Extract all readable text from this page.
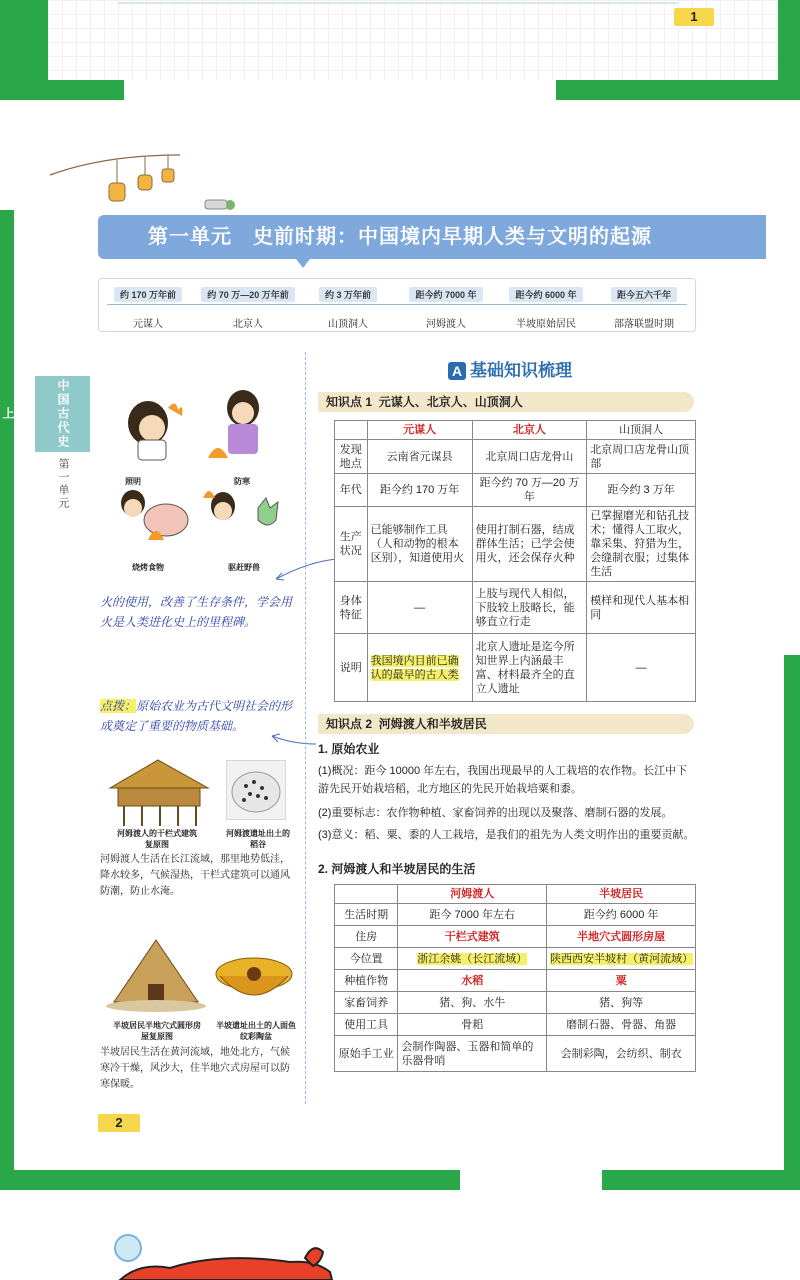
1
第一单元　史前时期：中国境内早期人类与文明的起源
约 170 万年前
元谋人
约 70 万—20 万年前
北京人
约 3 万年前
山顶洞人
距今约 7000 年
河姆渡人
距今约 6000 年
半坡原始居民
距今五六千年
部落联盟时期
中国古代史上
第一单元	照明	防寒
烧烤食物	驱赶野兽
火的使用，改善了生存条件，学会用火是人类进化史上的里程碑。
点拨：原始农业为古代文明社会的形成奠定了重要的物质基础。
河姆渡人的干栏式建筑复原图
河姆渡遗址出土的稻谷
河姆渡人生活在长江流域，那里地势低洼，降水较多，气候湿热，干栏式建筑可以通风防潮，防止水淹。
半坡居民半地穴式圆形房屋复原图
半坡遗址出土的人面鱼纹彩陶盆
半坡居民生活在黄河流域，地处北方，气候寒冷干燥，风沙大，住半地穴式房屋可以防寒保暖。
2
A 基础知识梳理
知识点 1 元谋人、北京人、山顶洞人
	元谋人	北京人	山顶洞人
发现地点	云南省元谋县	北京周口店龙骨山	北京周口店龙骨山顶部
年代	距今约 170 万年	距今约 70 万—20 万年	距今约 3 万年
生产状况	已能够制作工具（人和动物的根本区别），知道使用火	使用打制石器，结成群体生活；已学会使用火，还会保存火种	已掌握磨光和钻孔技术；懂得人工取火，靠采集、狩猎为生，会缝制衣服；过集体生活
身体特征	—	上肢与现代人相似，下肢较上肢略长，能够直立行走	模样和现代人基本相同
说明	我国境内目前已确认的最早的古人类	北京人遗址是迄今所知世界上内涵最丰富、材料最齐全的直立人遗址	—
知识点 2 河姆渡人和半坡居民
1. 原始农业
(1)概况：距今 10000 年左右，我国出现最早的人工栽培的农作物。长江中下游先民开始栽培稻，北方地区的先民开始栽培粟和黍。
(2)重要标志：农作物种植、家畜饲养的出现以及聚落、磨制石器的发展。
(3)意义：稻、粟、黍的人工栽培，是我们的祖先为人类文明作出的重要贡献。
2. 河姆渡人和半坡居民的生活
	河姆渡人	半坡居民
生活时期	距今 7000 年左右	距今约 6000 年
住房	干栏式建筑	半地穴式圆形房屋
今位置	浙江余姚（长江流域）	陕西西安半坡村（黄河流域）
种植作物	水稻	粟
家畜饲养	猪、狗、水牛	猪、狗等
使用工具	骨耜	磨制石器、骨器、角器
原始手工业	会制作陶器、玉器和简单的乐器骨哨	会制彩陶，会纺织、制衣
